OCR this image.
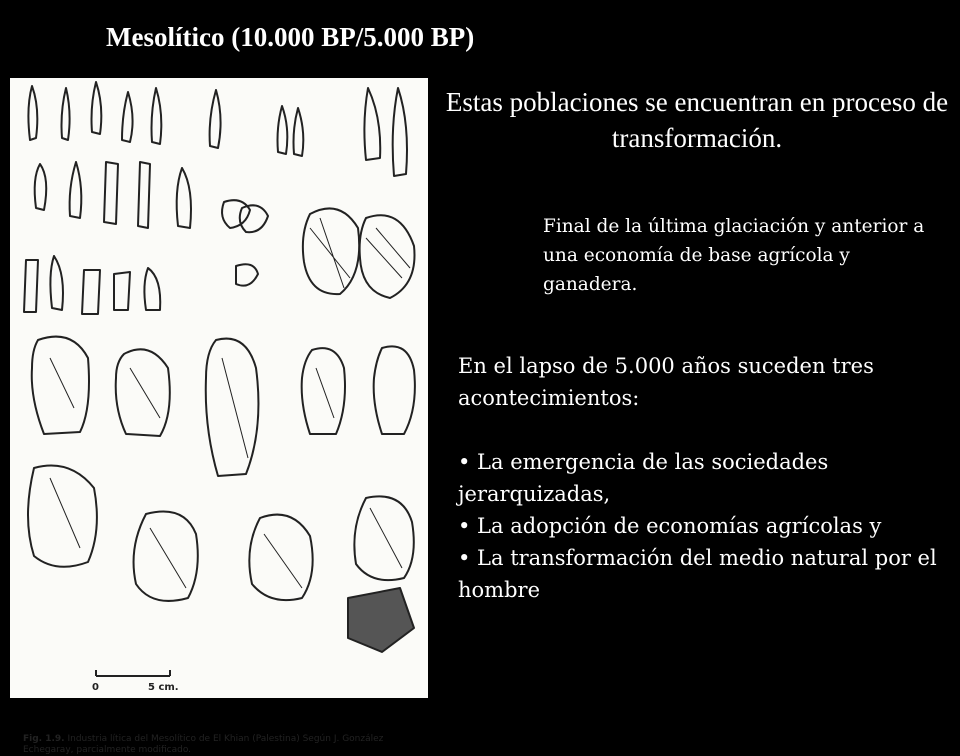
Mesolítico (10.000 BP/5.000 BP)
0	5 cm.
Fig. 1.9. Industria lítica del Mesolítico de El Khian (Palestina) Según J. González Echegaray, parcialmente modificado.
Estas poblaciones se encuentran en proceso de transformación.
Final de la última glaciación y anterior a una economía de base agrícola y ganadera.

En el lapso de 5.000 años suceden tres acontecimientos:

• La emergencia de las sociedades jerarquizadas,

• La adopción de economías agrícolas y

• La transformación del medio natural por el hombre
